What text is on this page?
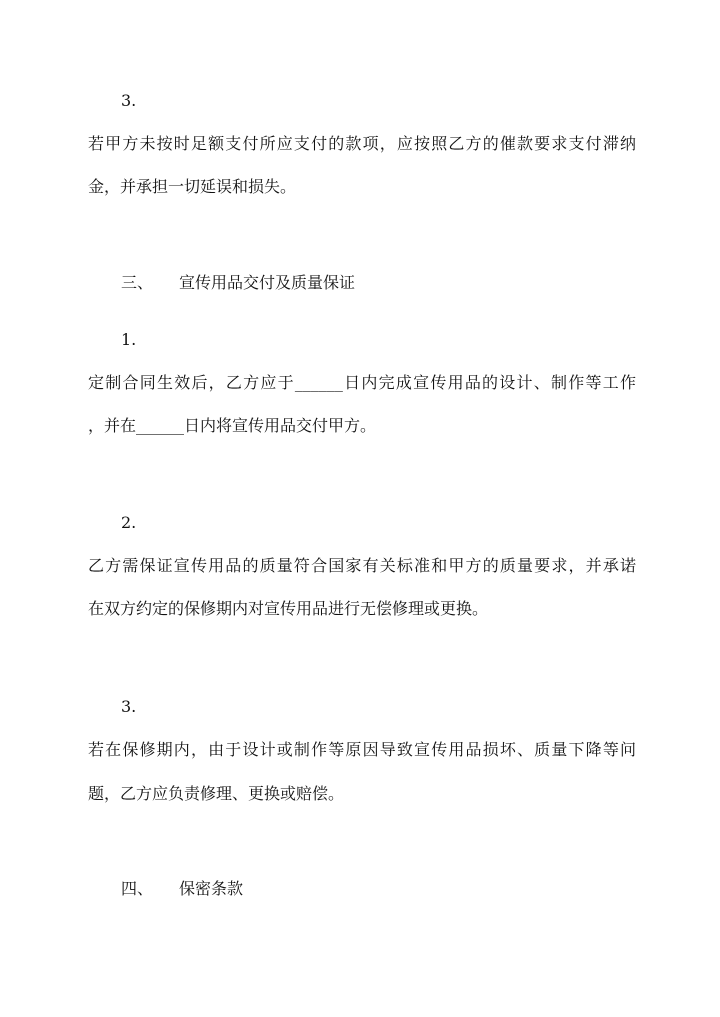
3.

若甲方未按时足额支付所应支付的款项，应按照乙方的催款要求支付滞纳

金，并承担一切延误和损失。

三、 宣传用品交付及质量保证

1.

定制合同生效后，乙方应于______日内完成宣传用品的设计、制作等工作

，并在______日内将宣传用品交付甲方。

2.

乙方需保证宣传用品的质量符合国家有关标准和甲方的质量要求，并承诺

在双方约定的保修期内对宣传用品进行无偿修理或更换。

3.

若在保修期内，由于设计或制作等原因导致宣传用品损坏、质量下降等问

题，乙方应负责修理、更换或赔偿。

四、 保密条款
